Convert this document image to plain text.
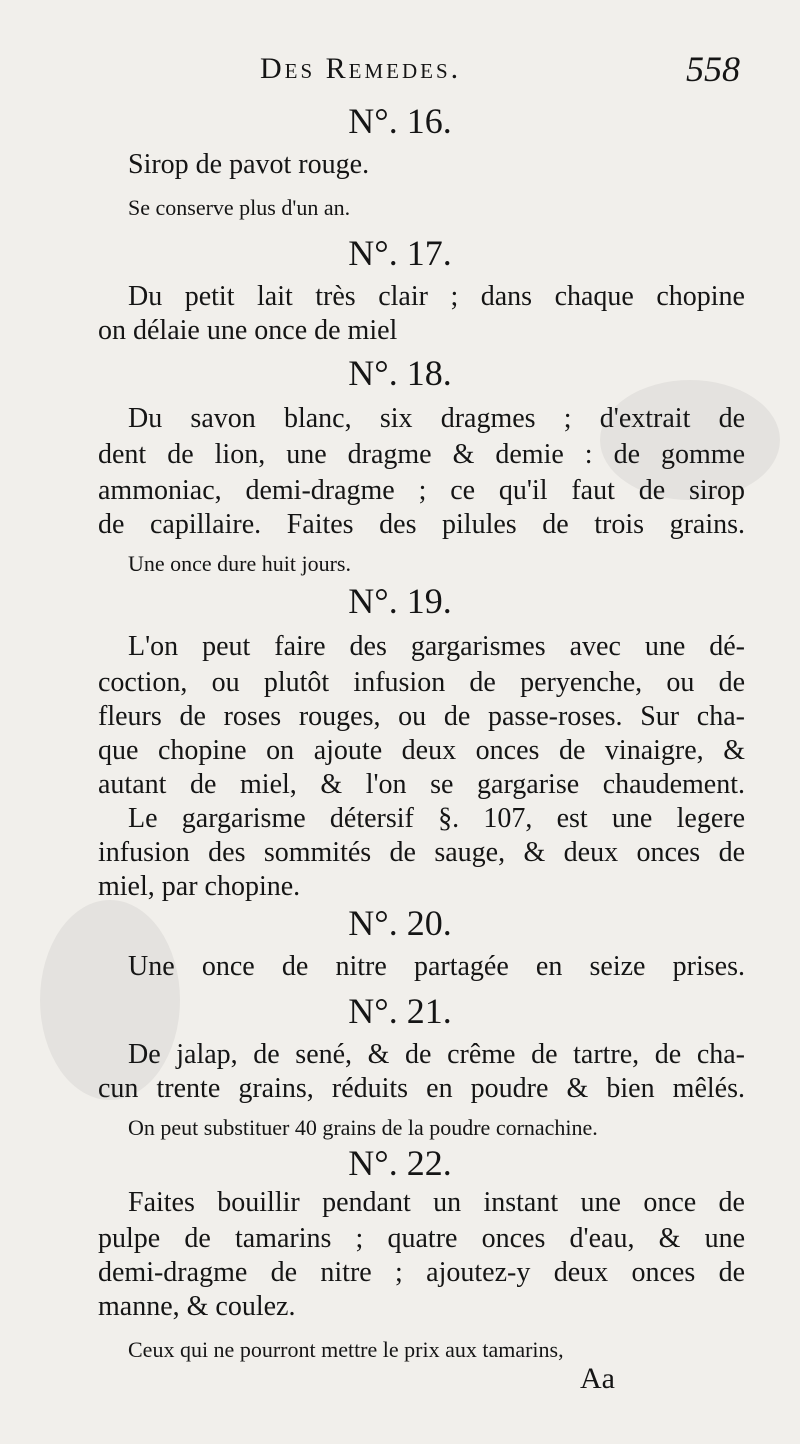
Des Remedes.	558
N°. 16.
Sirop de pavot rouge.
Se conserve plus d'un an.
N°. 17.
Du petit lait très clair ; dans chaque chopine
on délaie une once de miel
N°. 18.
Du savon blanc, six dragmes ; d'extrait de
dent de lion, une dragme & demie : de gomme
ammoniac, demi-dragme ; ce qu'il faut de sirop
de capillaire. Faites des pilules de trois grains.
Une once dure huit jours.
N°. 19.
L'on peut faire des gargarismes avec une dé-
coction, ou plutôt infusion de peryenche, ou de
fleurs de roses rouges, ou de passe-roses. Sur cha-
que chopine on ajoute deux onces de vinaigre, &
autant de miel, & l'on se gargarise chaudement.
Le gargarisme détersif §. 107, est une legere
infusion des sommités de sauge, & deux onces de
miel, par chopine.
N°. 20.
Une once de nitre partagée en seize prises.
N°. 21.
De jalap, de sené, & de crême de tartre, de cha-
cun trente grains, réduits en poudre & bien mêlés.
On peut substituer 40 grains de la poudre cornachine.
N°. 22.
Faites bouillir pendant un instant une once de
pulpe de tamarins ; quatre onces d'eau, & une
demi-dragme de nitre ; ajoutez-y deux onces de
manne, & coulez.
Ceux qui ne pourront mettre le prix aux tamarins,
Aa
